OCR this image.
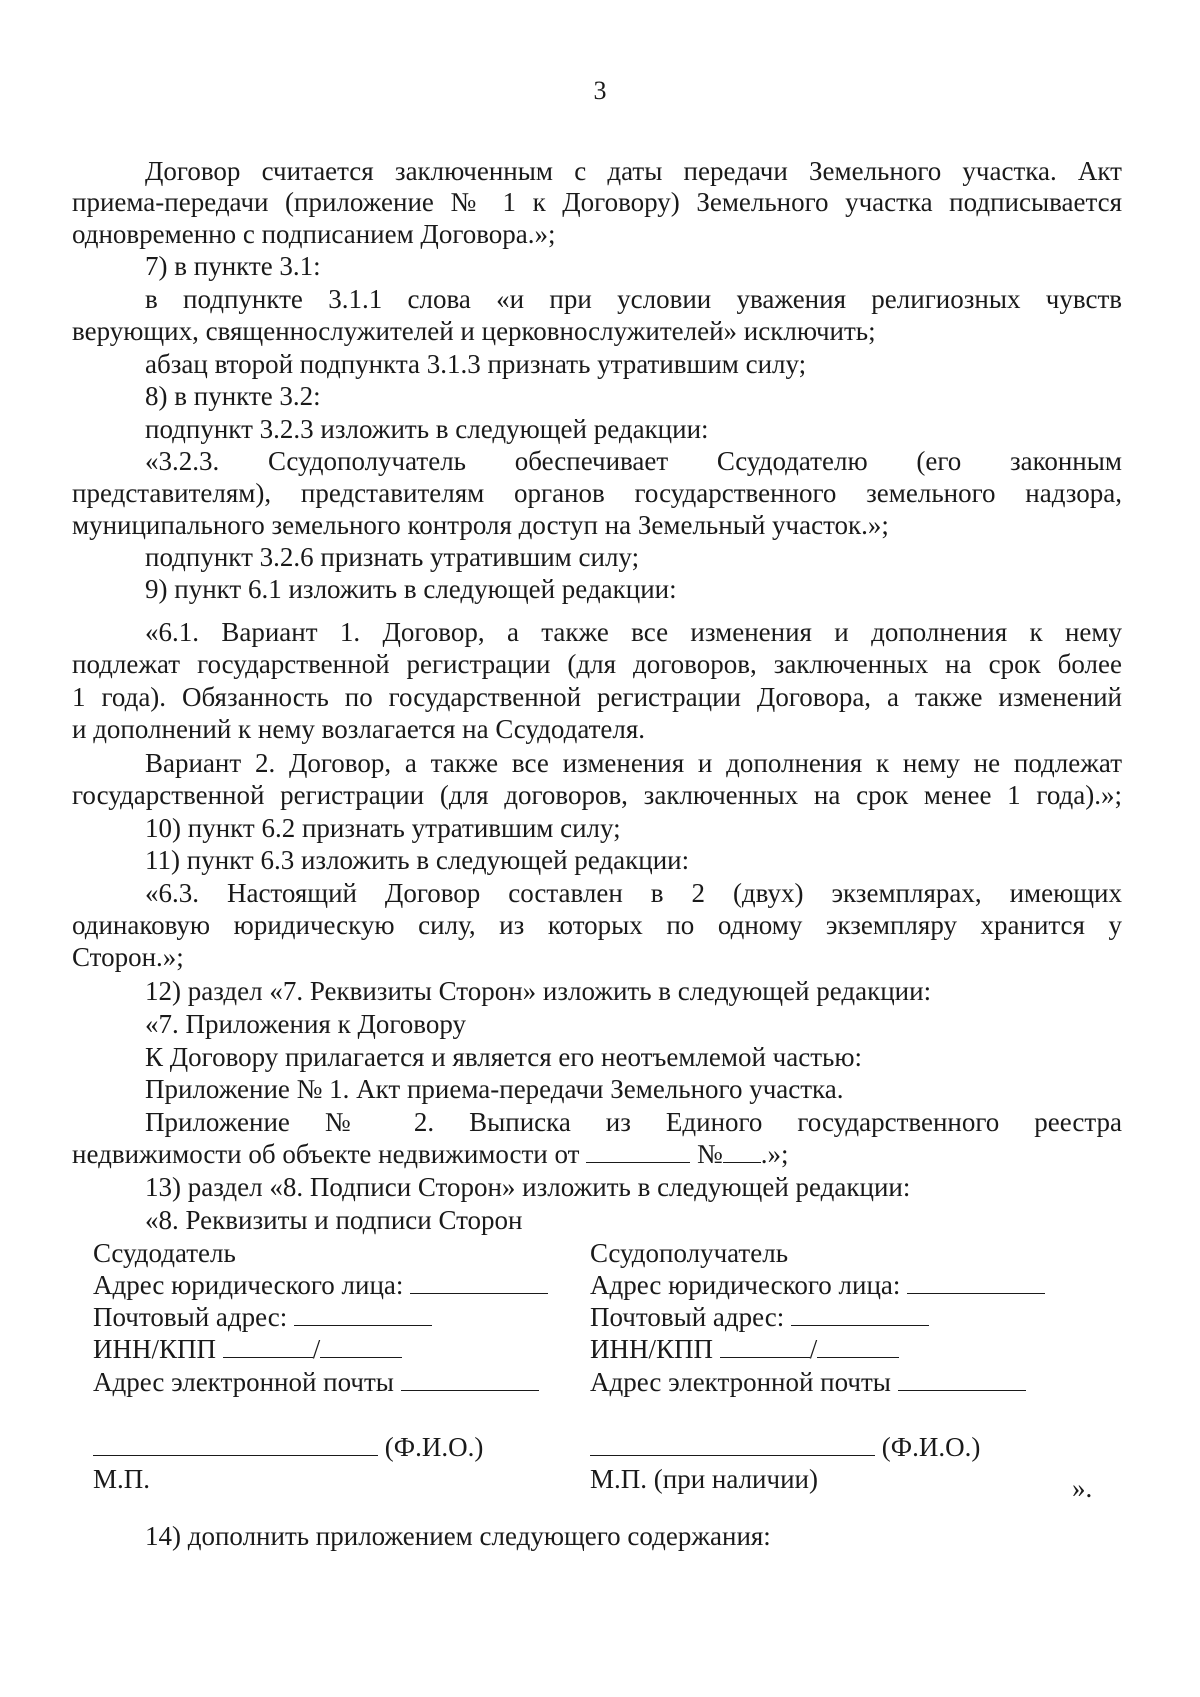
3
Договор считается заключенным с даты передачи Земельного участка. Акт
приема-передачи (приложение № 1 к Договору) Земельного участка подписывается
одновременно с подписанием Договора.»;
7) в пункте 3.1:
в подпункте 3.1.1 слова «и при условии уважения религиозных чувств
верующих, священнослужителей и церковнослужителей» исключить;
абзац второй подпункта 3.1.3 признать утратившим силу;
8) в пункте 3.2:
подпункт 3.2.3 изложить в следующей редакции:
«3.2.3. Ссудополучатель обеспечивает Ссудодателю (его законным
представителям), представителям органов государственного земельного надзора,
муниципального земельного контроля доступ на Земельный участок.»;
подпункт 3.2.6 признать утратившим силу;
9) пункт 6.1 изложить в следующей редакции:
«6.1. Вариант 1. Договор, а также все изменения и дополнения к нему
подлежат государственной регистрации (для договоров, заключенных на срок более
1 года). Обязанность по государственной регистрации Договора, а также изменений
и дополнений к нему возлагается на Ссудодателя.
Вариант 2. Договор, а также все изменения и дополнения к нему не подлежат
государственной регистрации (для договоров, заключенных на срок менее 1 года).»;
10) пункт 6.2 признать утратившим силу;
11) пункт 6.3 изложить в следующей редакции:
«6.3. Настоящий Договор составлен в 2 (двух) экземплярах, имеющих
одинаковую юридическую силу, из которых по одному экземпляру хранится у
Сторон.»;
12) раздел «7. Реквизиты Сторон» изложить в следующей редакции:
«7. Приложения к Договору
К Договору прилагается и является его неотъемлемой частью:
Приложение № 1. Акт приема-передачи Земельного участка.
Приложение № 2. Выписка из Единого государственного реестра
недвижимости об объекте недвижимости от	№ .»;
13) раздел «8. Подписи Сторон» изложить в следующей редакции:
«8. Реквизиты и подписи Сторон
Ссудодатель
Адрес юридического лица:
Почтовый адрес:
ИНН/КПП	/
Адрес электронной почты
(Ф.И.О.)
М.П.
Ссудополучатель
Адрес юридического лица:
Почтовый адрес:
ИНН/КПП	/
Адрес электронной почты
(Ф.И.О.)
М.П. (при наличии)	».
14) дополнить приложением следующего содержания:
